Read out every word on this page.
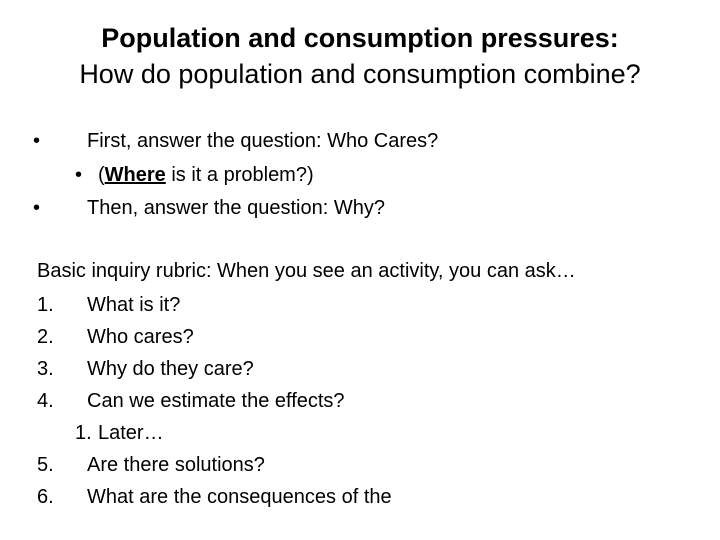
Population and consumption pressures:
How do population and consumption combine?
• First, answer the question: Who Cares?
• (Where is it a problem?)
• Then, answer the question: Why?
Basic inquiry rubric: When you see an activity, you can ask…
1. What is it?
2. Who cares?
3. Why do they care?
4. Can we estimate the effects?
1. Later…
5. Are there solutions?
6. What are the consequences of the
